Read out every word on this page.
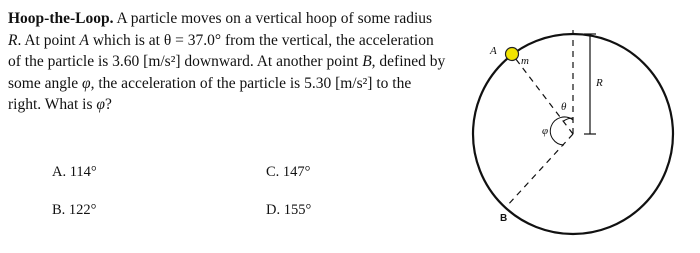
Hoop-the-Loop. A particle moves on a vertical hoop of some radius R. At point A which is at θ = 37.0° from the vertical, the acceleration of the particle is 3.60 [m/s²] downward. At another point B, defined by some angle φ, the acceleration of the particle is 5.30 [m/s²] to the right. What is φ?
A. 114°	C. 147°
B. 122°	D. 155°
A
m
R
θ
φ
B
